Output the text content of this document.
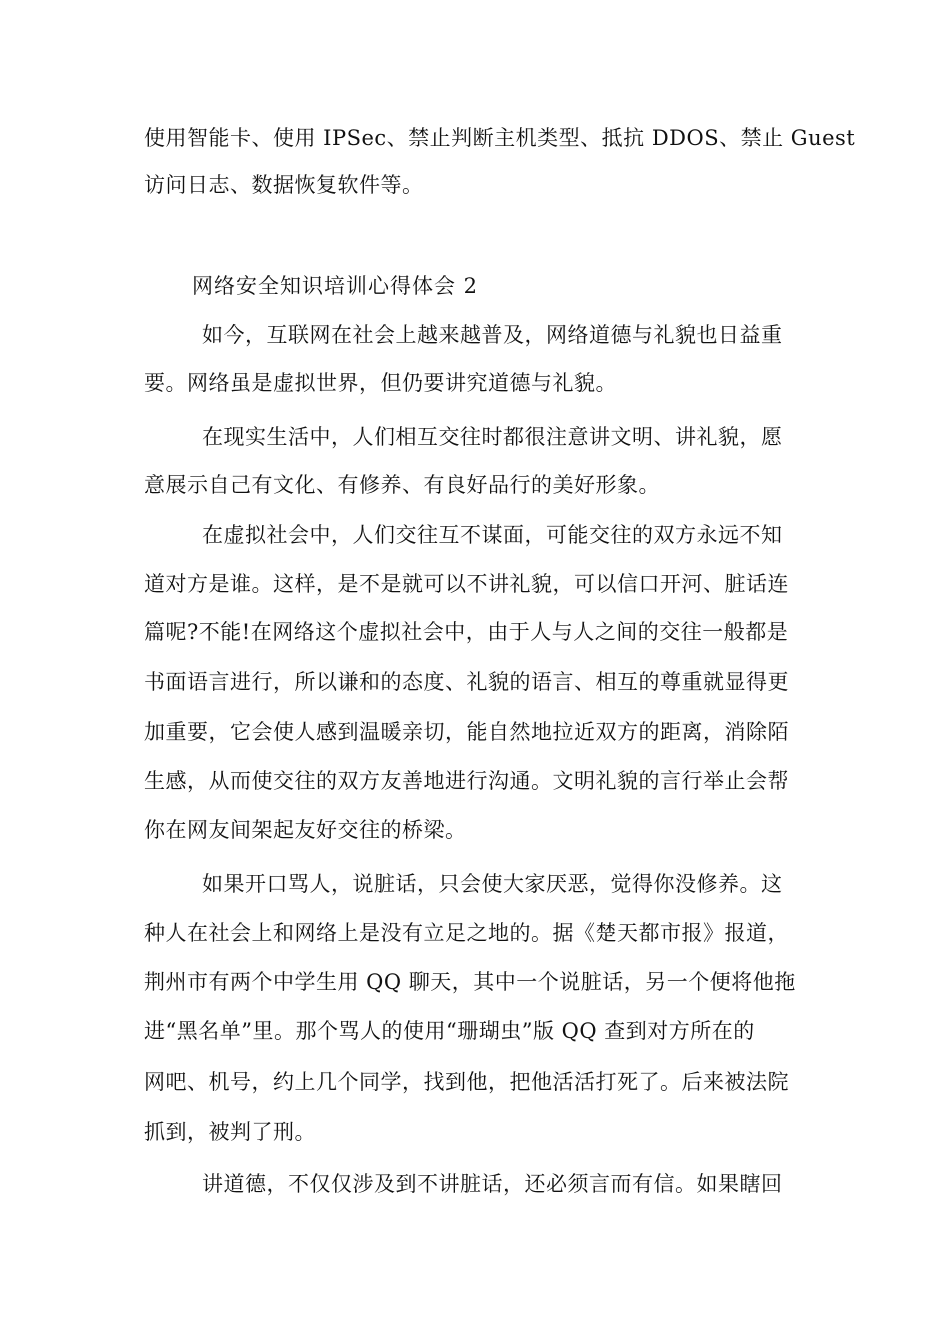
使用智能卡、使用 IPSec、禁止判断主机类型、抵抗 DDOS、禁止 Guest
访问日志、数据恢复软件等。
网络安全知识培训心得体会 2
如今，互联网在社会上越来越普及，网络道德与礼貌也日益重
要。网络虽是虚拟世界，但仍要讲究道德与礼貌。
在现实生活中，人们相互交往时都很注意讲文明、讲礼貌，愿
意展示自己有文化、有修养、有良好品行的美好形象。
在虚拟社会中，人们交往互不谋面，可能交往的双方永远不知
道对方是谁。这样，是不是就可以不讲礼貌，可以信口开河、脏话连
篇呢?不能!在网络这个虚拟社会中，由于人与人之间的交往一般都是
书面语言进行，所以谦和的态度、礼貌的语言、相互的尊重就显得更
加重要，它会使人感到温暖亲切，能自然地拉近双方的距离，消除陌
生感，从而使交往的双方友善地进行沟通。文明礼貌的言行举止会帮
你在网友间架起友好交往的桥梁。
如果开口骂人，说脏话，只会使大家厌恶，觉得你没修养。这
种人在社会上和网络上是没有立足之地的。据《楚天都市报》报道，
荆州市有两个中学生用 QQ 聊天，其中一个说脏话，另一个便将他拖
进“黑名单”里。那个骂人的使用“珊瑚虫”版 QQ 查到对方所在的
网吧、机号，约上几个同学，找到他，把他活活打死了。后来被法院
抓到，被判了刑。
讲道德，不仅仅涉及到不讲脏话，还必须言而有信。如果瞎回
